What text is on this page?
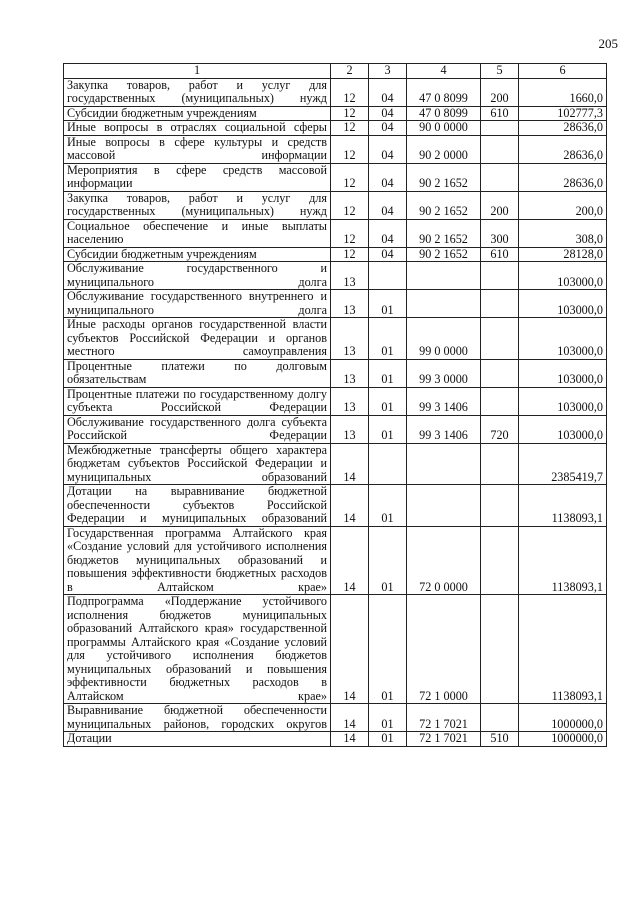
205
1	2	3	4	5	6
Закупка товаров, работ и услуг для государственных (муниципальных) нужд	12	04	47 0 8099	200	1660,0
Субсидии бюджетным учреждениям	12	04	47 0 8099	610	102777,3
Иные вопросы в отраслях социальной сферы	12	04	90 0 0000		28636,0
Иные вопросы в сфере культуры и средств массовой информации	12	04	90 2 0000		28636,0
Мероприятия в сфере средств массовой информации	12	04	90 2 1652		28636,0
Закупка товаров, работ и услуг для государственных (муниципальных) нужд	12	04	90 2 1652	200	200,0
Социальное обеспечение и иные выплаты населению	12	04	90 2 1652	300	308,0
Субсидии бюджетным учреждениям	12	04	90 2 1652	610	28128,0
Обслуживание государственного и муниципального долга	13				103000,0
Обслуживание государственного внутреннего и муниципального долга	13	01			103000,0
Иные расходы органов государственной власти субъектов Российской Федерации и органов местного самоуправления	13	01	99 0 0000		103000,0
Процентные платежи по долговым обязательствам	13	01	99 3 0000		103000,0
Процентные платежи по государственному долгу субъекта Российской Федерации	13	01	99 3 1406		103000,0
Обслуживание государственного долга субъекта Российской Федерации	13	01	99 3 1406	720	103000,0
Межбюджетные трансферты общего характера бюджетам субъектов Российской Федерации и муниципальных образований	14				2385419,7
Дотации на выравнивание бюджетной обеспеченности субъектов Российской Федерации и муниципальных образований	14	01			1138093,1
Государственная программа Алтайского края «Создание условий для устойчивого исполнения бюджетов муниципальных образований и повышения эффективности бюджетных расходов в Алтайском крае»	14	01	72 0 0000		1138093,1
Подпрограмма «Поддержание устойчивого исполнения бюджетов муниципальных образований Алтайского края» государственной программы Алтайского края «Создание условий для устойчивого исполнения бюджетов муниципальных образований и повышения эффективности бюджетных расходов в Алтайском крае»	14	01	72 1 0000		1138093,1
Выравнивание бюджетной обеспеченности муниципальных районов, городских округов	14	01	72 1 7021		1000000,0
Дотации	14	01	72 1 7021	510	1000000,0
